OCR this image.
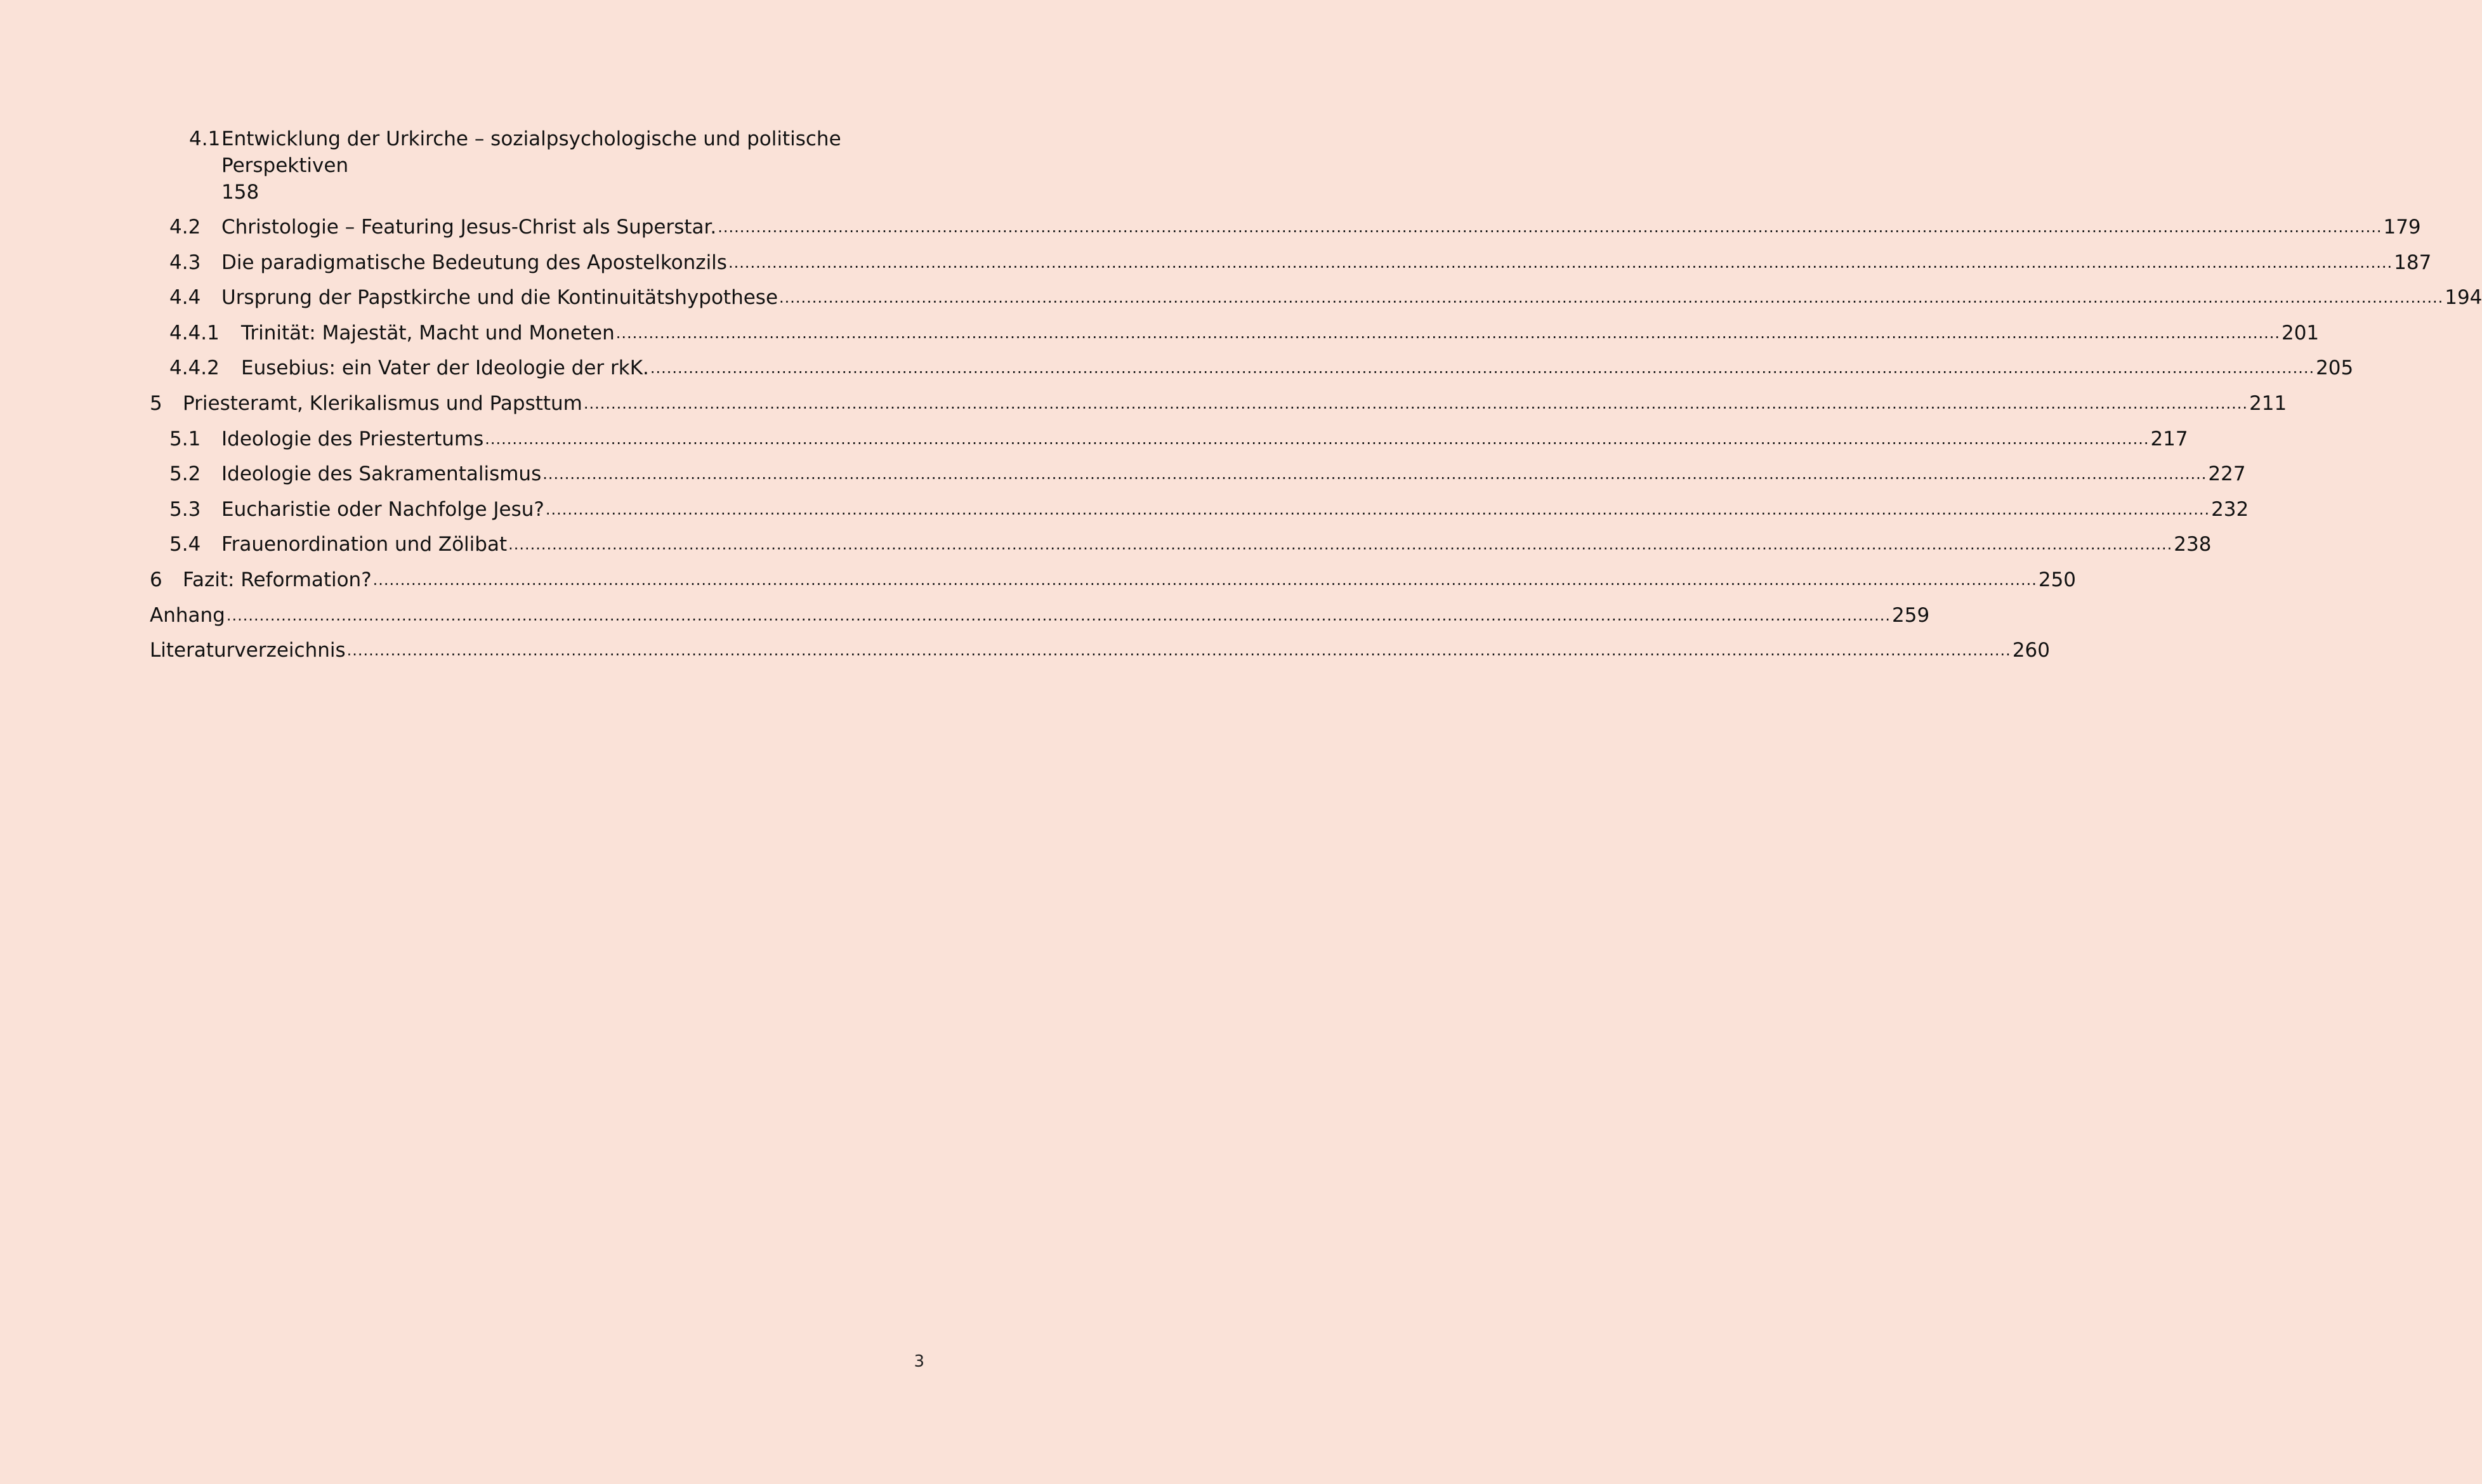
4.1 Entwicklung der Urkirche – sozialpsychologische und politische Perspektiven
158
4.2	Christologie – Featuring Jesus-Christ als Superstar. .....	179
4.3	Die paradigmatische Bedeutung des Apostelkonzils .....	187
4.4	Ursprung der Papstkirche und die Kontinuitätshypothese .....	194
4.4.1	Trinität: Majestät, Macht und Moneten .....	201
4.4.2	Eusebius: ein Vater der Ideologie der rkK. .....	205
5	Priesteramt, Klerikalismus und Papsttum .....	211
5.1	Ideologie des Priestertums .....	217
5.2	Ideologie des Sakramentalismus .....	227
5.3	Eucharistie oder Nachfolge Jesu? .....	232
5.4	Frauenordination und Zölibat .....	238
6	Fazit: Reformation? .....	250
Anhang .....	259
Literaturverzeichnis .....	260
3
